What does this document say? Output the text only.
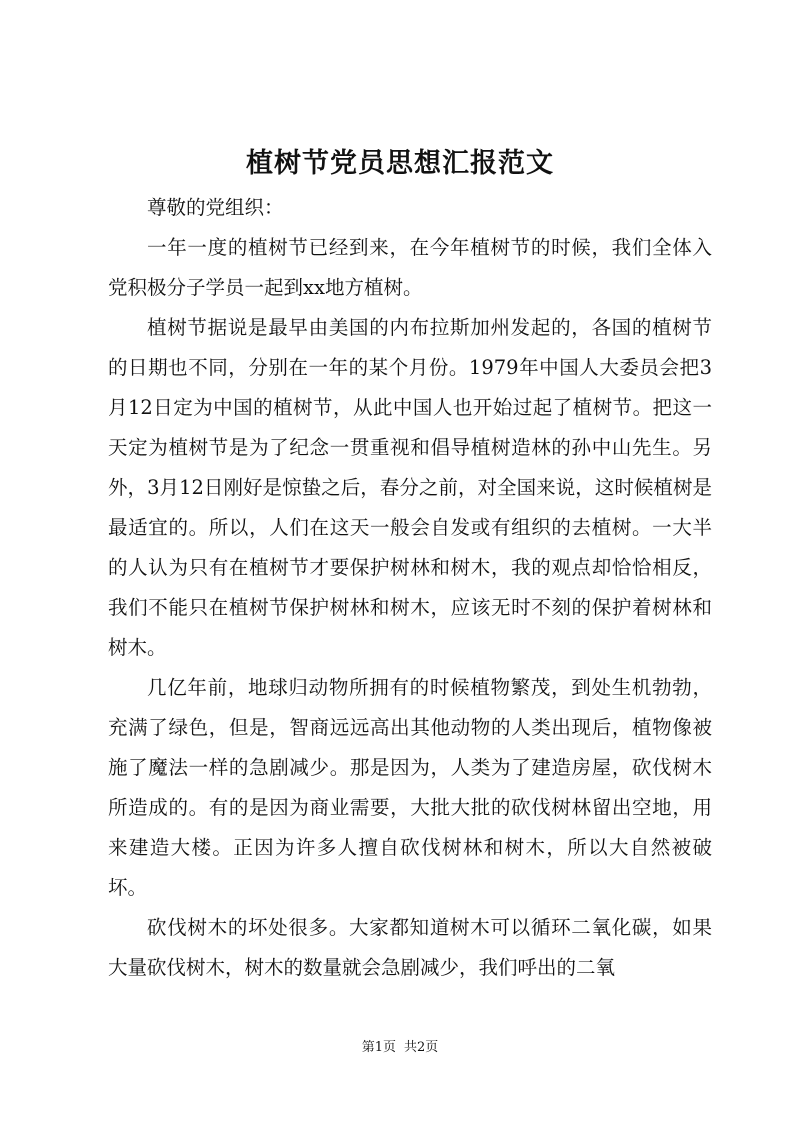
植树节党员思想汇报范文

尊敬的党组织：

一年一度的植树节已经到来，在今年植树节的时候，我们全体入党积极分子学员一起到xx地方植树。

植树节据说是最早由美国的内布拉斯加州发起的，各国的植树节的日期也不同，分别在一年的某个月份。1979年中国人大委员会把3月12日定为中国的植树节，从此中国人也开始过起了植树节。把这一天定为植树节是为了纪念一贯重视和倡导植树造林的孙中山先生。另外，3月12日刚好是惊蛰之后，春分之前，对全国来说，这时候植树是最适宜的。所以，人们在这天一般会自发或有组织的去植树。一大半的人认为只有在植树节才要保护树林和树木，我的观点却恰恰相反，我们不能只在植树节保护树林和树木，应该无时不刻的保护着树林和树木。

几亿年前，地球归动物所拥有的时候植物繁茂，到处生机勃勃，充满了绿色，但是，智商远远高出其他动物的人类出现后，植物像被施了魔法一样的急剧减少。那是因为，人类为了建造房屋，砍伐树木所造成的。有的是因为商业需要，大批大批的砍伐树林留出空地，用来建造大楼。正因为许多人擅自砍伐树林和树木，所以大自然被破坏。

砍伐树木的坏处很多。大家都知道树木可以循环二氧化碳，如果大量砍伐树木，树木的数量就会急剧减少，我们呼出的二氧

第1页 共2页
